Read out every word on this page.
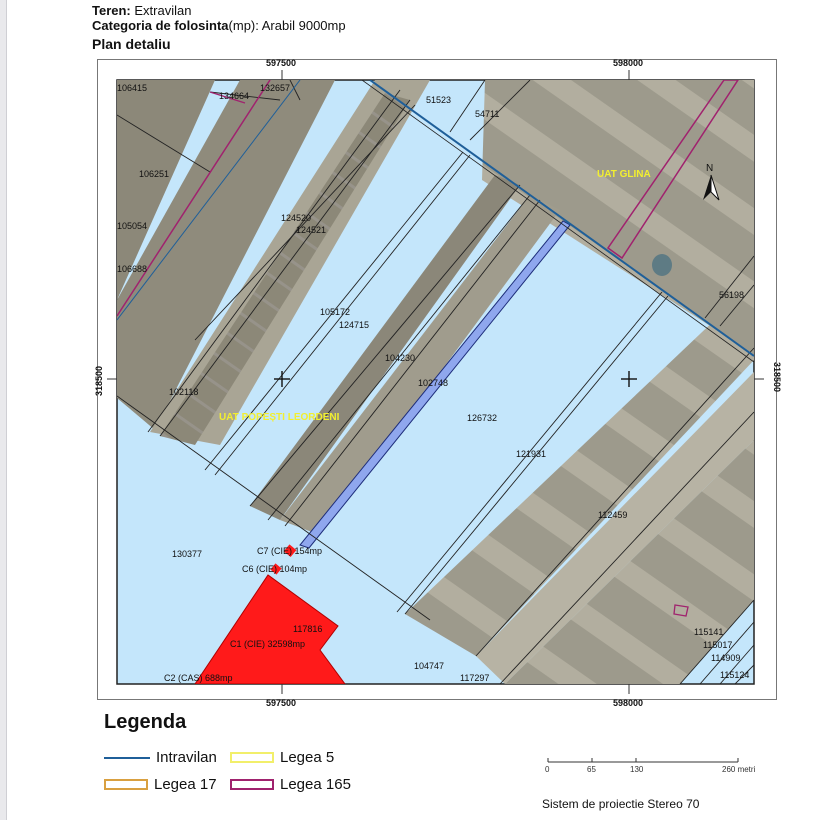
Teren: Extravilan
Categoria de folosinta(mp): Arabil 9000mp
Plan detaliu
N
597500	598000
597500	598000
318500	318500
UAT GLINA
UAT POPEȘTI LEORDENI
106415
134664
132657
51523
54711
106251
105054
106688
124520
124521
105172
124715
104230
102748
102118
126732
121931
112459
130377
117816
104747
117297
56198
115141
115017
114909
115124
C7 (CIE) 154mp
C6 (CIE) 104mp
C1 (CIE) 32598mp
C2 (CAS) 688mp
Legenda
Intravilan	Legea 5
Legea 17	Legea 165
0	65	130	260 metri
Sistem de proiectie Stereo 70
